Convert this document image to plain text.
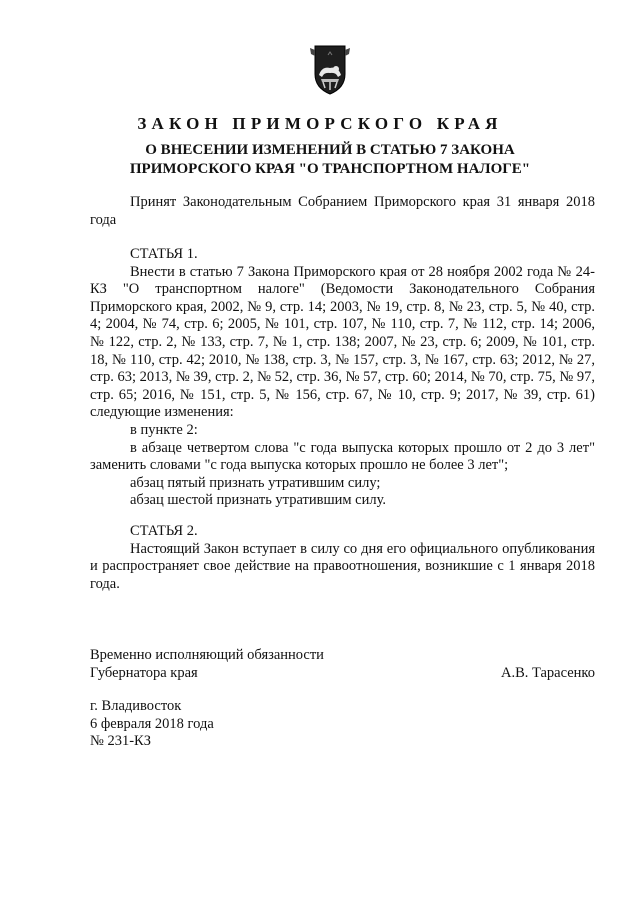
ЗАКОН ПРИМОРСКОГО КРАЯ
О ВНЕСЕНИИ ИЗМЕНЕНИЙ В СТАТЬЮ 7 ЗАКОНА
ПРИМОРСКОГО КРАЯ "О ТРАНСПОРТНОМ НАЛОГЕ"

Принят Законодательным Собранием Приморского края 31 января 2018 года

СТАТЬЯ 1.

Внести в статью 7 Закона Приморского края от 28 ноября 2002 года № 24-КЗ "О транспортном налоге" (Ведомости Законодательного Собрания Приморского края, 2002, № 9, стр. 14; 2003, № 19, стр. 8, № 23, стр. 5, № 40, стр. 4; 2004, № 74, стр. 6; 2005, № 101, стр. 107, № 110, стр. 7, № 112, стр. 14; 2006, № 122, стр. 2, № 133, стр. 7, № 1, стр. 138; 2007, № 23, стр. 6; 2009, № 101, стр. 18, № 110, стр. 42; 2010, № 138, стр. 3, № 157, стр. 3, № 167, стр. 63; 2012, № 27, стр. 63; 2013, № 39, стр. 2, № 52, стр. 36, № 57, стр. 60; 2014, № 70, стр. 75, № 97, стр. 65; 2016, № 151, стр. 5, № 156, стр. 67, № 10, стр. 9; 2017, № 39, стр. 61) следующие изменения:

в пункте 2:

в абзаце четвертом слова "с года выпуска которых прошло от 2 до 3 лет" заменить словами "с года выпуска которых прошло не более 3 лет";

абзац пятый признать утратившим силу;

абзац шестой признать утратившим силу.

СТАТЬЯ 2.

Настоящий Закон вступает в силу со дня его официального опубликования и распространяет свое действие на правоотношения, возникшие с 1 января 2018 года.

Временно исполняющий обязанности
Губернатора края	А.В. Тарасенко
г. Владивосток
6 февраля 2018 года
№ 231-КЗ
